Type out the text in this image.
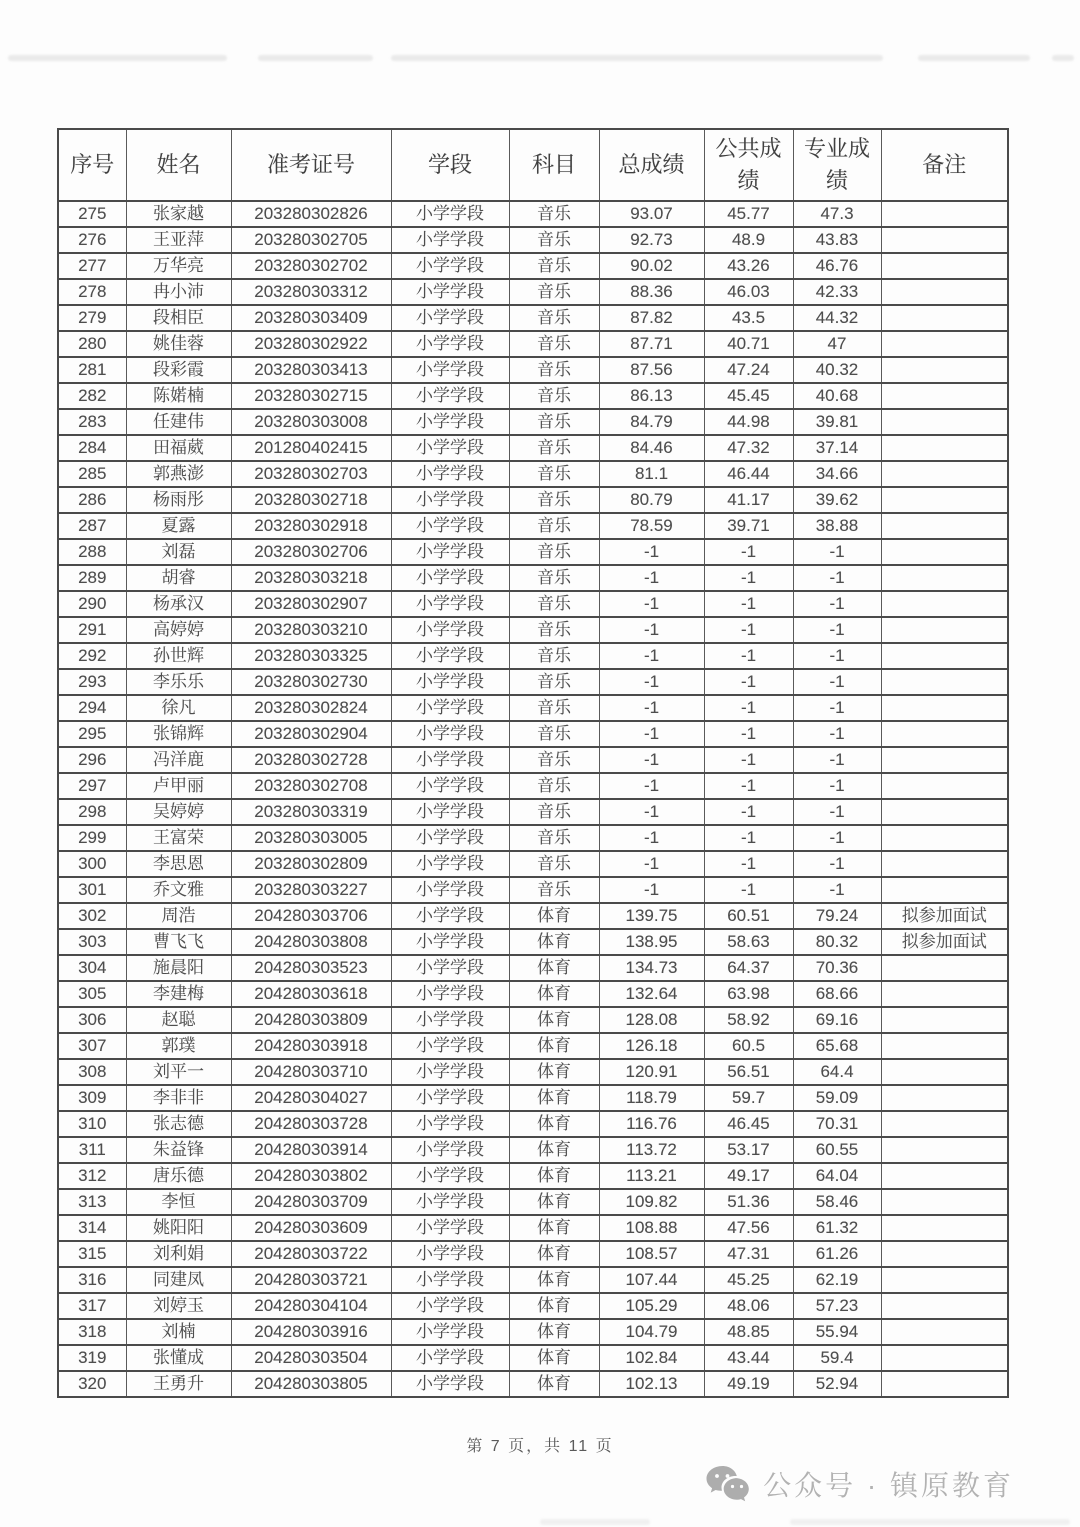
序号	姓名	准考证号	学段	科目	总成绩	公共成绩	专业成绩	备注
275	张家越	203280302826	小学学段	音乐	93.07	45.77	47.3	
276	王亚萍	203280302705	小学学段	音乐	92.73	48.9	43.83	
277	万华亮	203280302702	小学学段	音乐	90.02	43.26	46.76	
278	冉小沛	203280303312	小学学段	音乐	88.36	46.03	42.33	
279	段相臣	203280303409	小学学段	音乐	87.82	43.5	44.32	
280	姚佳蓉	203280302922	小学学段	音乐	87.71	40.71	47	
281	段彩霞	203280303413	小学学段	音乐	87.56	47.24	40.32	
282	陈婼楠	203280302715	小学学段	音乐	86.13	45.45	40.68	
283	任建伟	203280303008	小学学段	音乐	84.79	44.98	39.81	
284	田福葳	201280402415	小学学段	音乐	84.46	47.32	37.14	
285	郭燕澎	203280302703	小学学段	音乐	81.1	46.44	34.66	
286	杨雨彤	203280302718	小学学段	音乐	80.79	41.17	39.62	
287	夏露	203280302918	小学学段	音乐	78.59	39.71	38.88	
288	刘磊	203280302706	小学学段	音乐	-1	-1	-1	
289	胡睿	203280303218	小学学段	音乐	-1	-1	-1	
290	杨承汉	203280302907	小学学段	音乐	-1	-1	-1	
291	高婷婷	203280303210	小学学段	音乐	-1	-1	-1	
292	孙世辉	203280303325	小学学段	音乐	-1	-1	-1	
293	李乐乐	203280302730	小学学段	音乐	-1	-1	-1	
294	徐凡	203280302824	小学学段	音乐	-1	-1	-1	
295	张锦辉	203280302904	小学学段	音乐	-1	-1	-1	
296	冯洋鹿	203280302728	小学学段	音乐	-1	-1	-1	
297	卢甲丽	203280302708	小学学段	音乐	-1	-1	-1	
298	吴婷婷	203280303319	小学学段	音乐	-1	-1	-1	
299	王富荣	203280303005	小学学段	音乐	-1	-1	-1	
300	李思恩	203280302809	小学学段	音乐	-1	-1	-1	
301	乔文雅	203280303227	小学学段	音乐	-1	-1	-1	
302	周浩	204280303706	小学学段	体育	139.75	60.51	79.24	拟参加面试
303	曹飞飞	204280303808	小学学段	体育	138.95	58.63	80.32	拟参加面试
304	施晨阳	204280303523	小学学段	体育	134.73	64.37	70.36	
305	李建梅	204280303618	小学学段	体育	132.64	63.98	68.66	
306	赵聪	204280303809	小学学段	体育	128.08	58.92	69.16	
307	郭璞	204280303918	小学学段	体育	126.18	60.5	65.68	
308	刘平一	204280303710	小学学段	体育	120.91	56.51	64.4	
309	李非非	204280304027	小学学段	体育	118.79	59.7	59.09	
310	张志德	204280303728	小学学段	体育	116.76	46.45	70.31	
311	朱益锋	204280303914	小学学段	体育	113.72	53.17	60.55	
312	唐乐德	204280303802	小学学段	体育	113.21	49.17	64.04	
313	李恒	204280303709	小学学段	体育	109.82	51.36	58.46	
314	姚阳阳	204280303609	小学学段	体育	108.88	47.56	61.32	
315	刘利娟	204280303722	小学学段	体育	108.57	47.31	61.26	
316	同建凤	204280303721	小学学段	体育	107.44	45.25	62.19	
317	刘婷玉	204280304104	小学学段	体育	105.29	48.06	57.23	
318	刘楠	204280303916	小学学段	体育	104.79	48.85	55.94	
319	张懂成	204280303504	小学学段	体育	102.84	43.44	59.4	
320	王勇升	204280303805	小学学段	体育	102.13	49.19	52.94	
第 7 页，共 11 页
公众号 · 镇原教育
